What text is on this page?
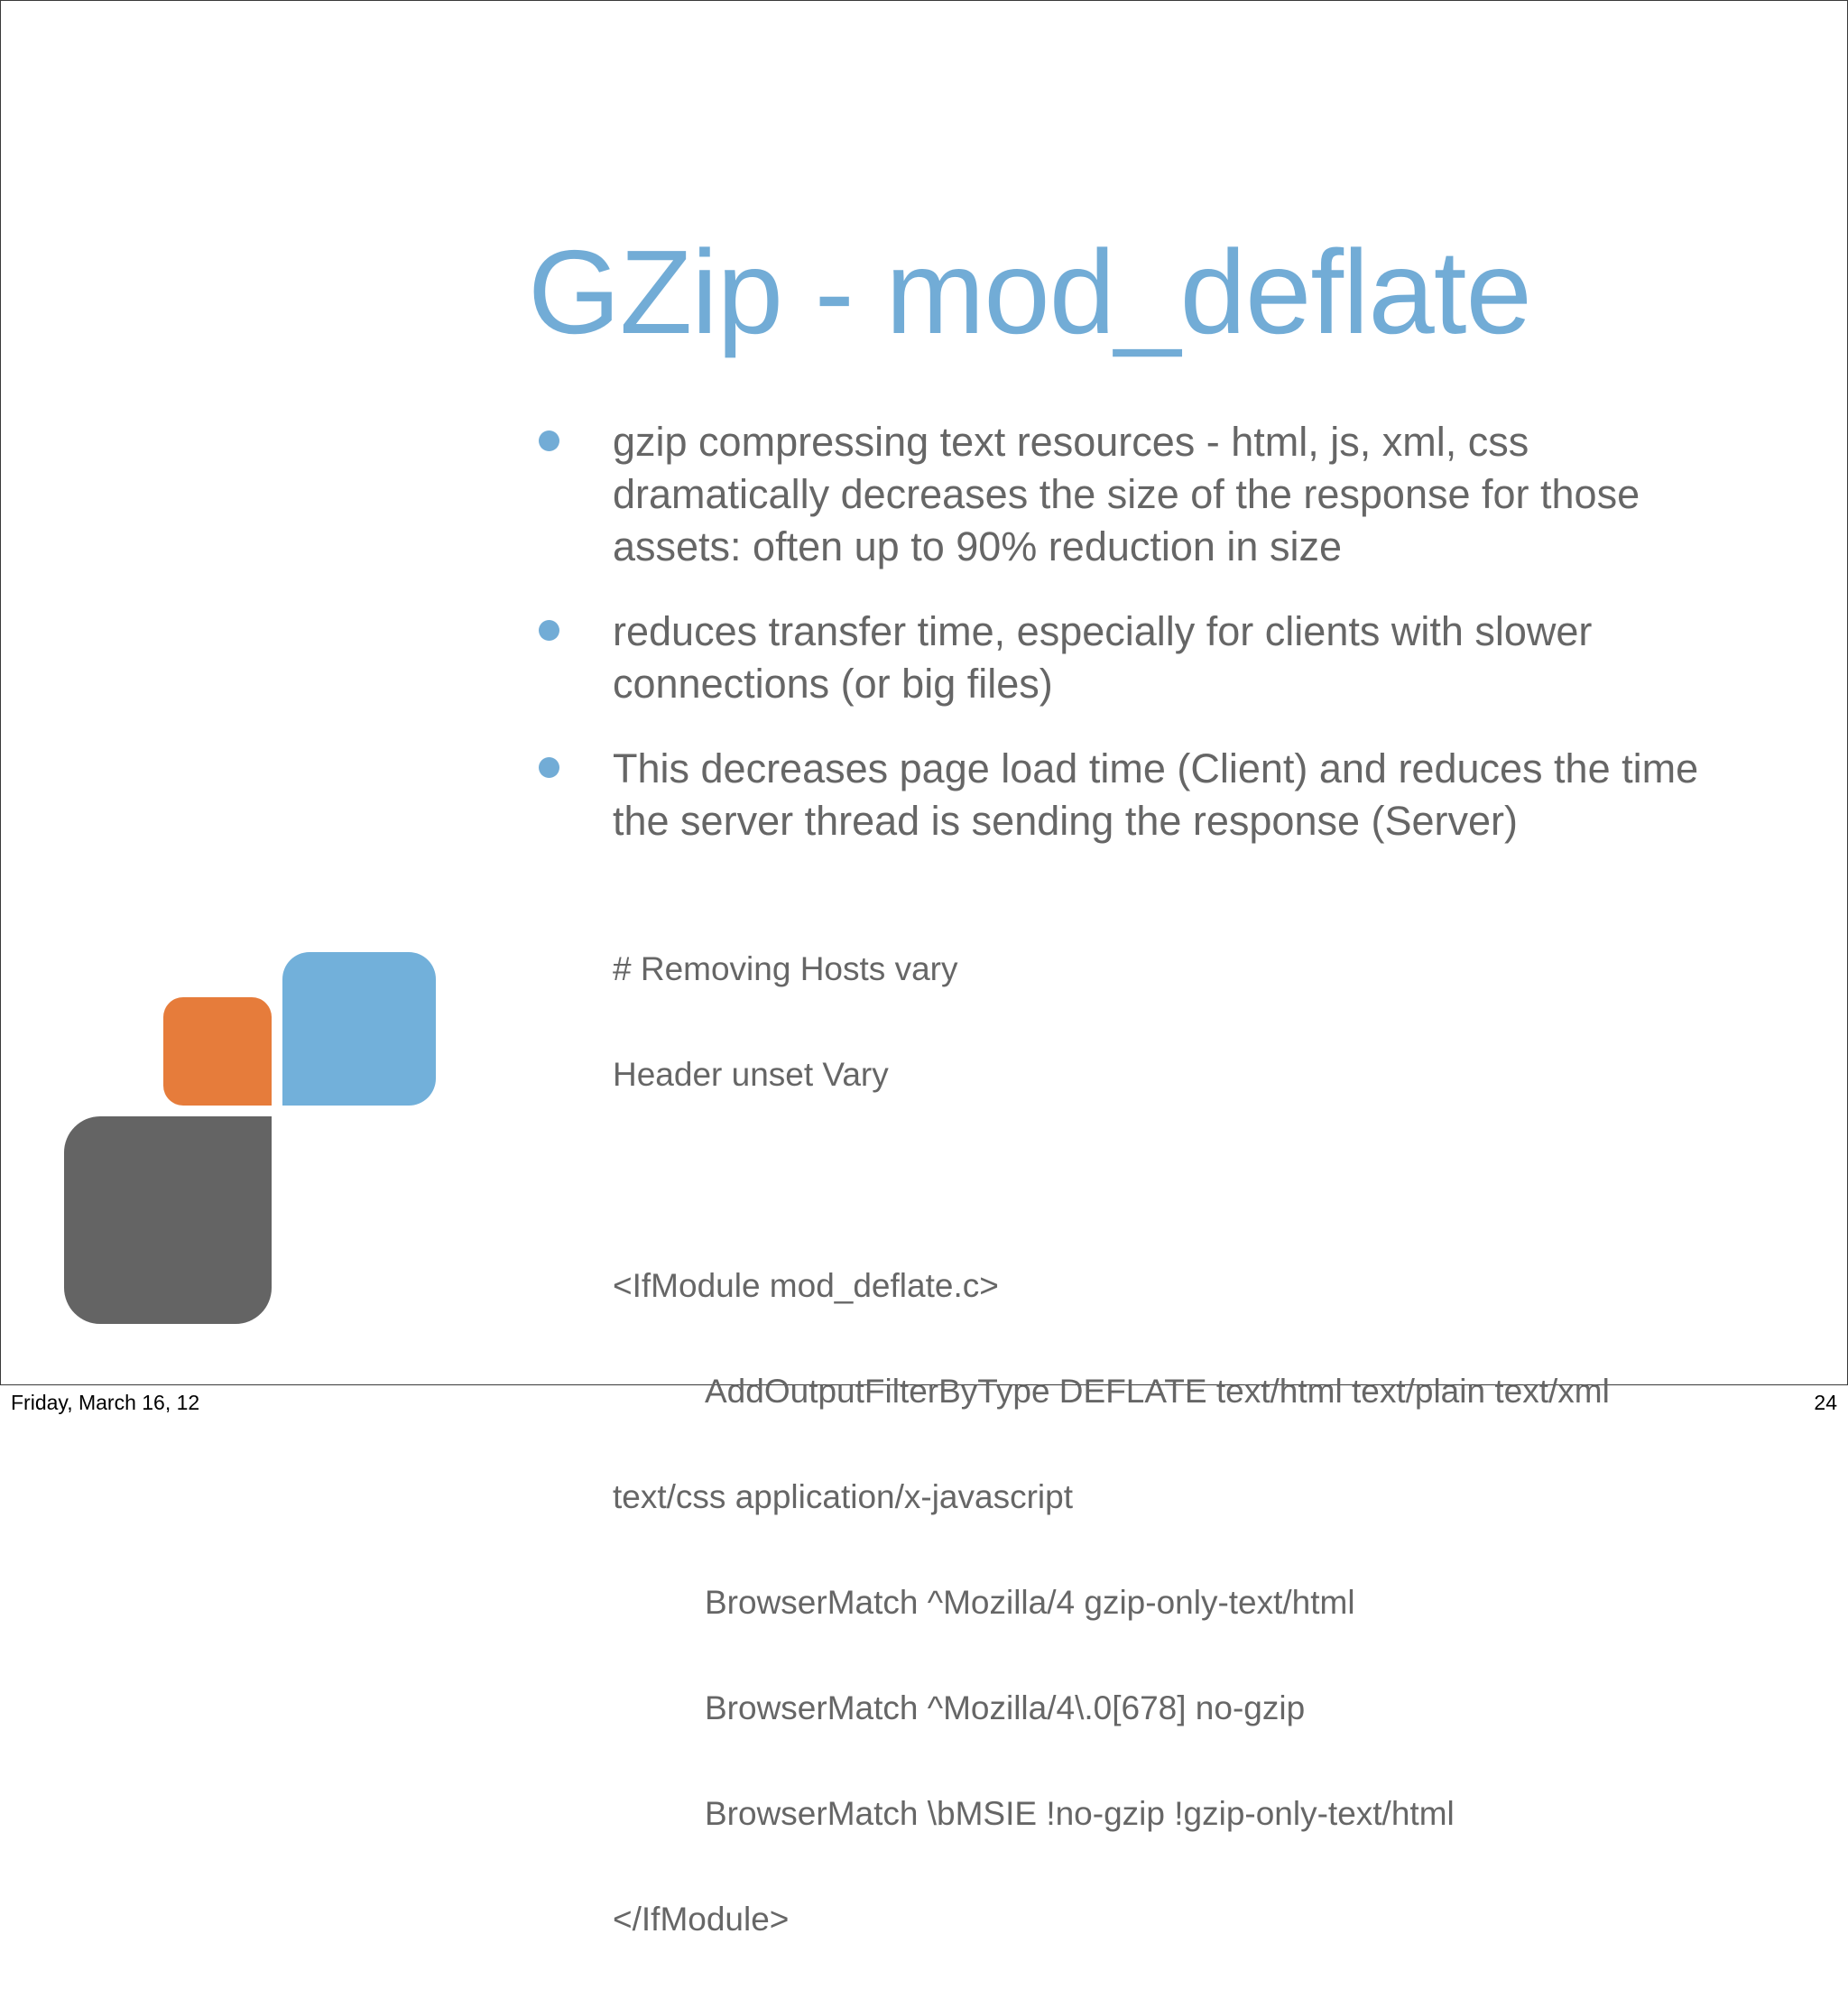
GZip - mod_deflate
gzip compressing text resources - html, js, xml, css dramatically decreases the size of the response for those assets: often up to 90% reduction in size
reduces transfer time, especially for clients with slower connections (or big files)
This decreases page load time (Client) and reduces the time the server thread is sending the response (Server)

# Removing Hosts vary

Header unset Vary

<IfModule mod_deflate.c>

AddOutputFilterByType DEFLATE text/html text/plain text/xml

text/css application/x-javascript

BrowserMatch ^Mozilla/4 gzip-only-text/html

BrowserMatch ^Mozilla/4\.0[678] no-gzip

BrowserMatch \bMSIE !no-gzip !gzip-only-text/html

</IfModule>

Friday, March 16, 12	24
